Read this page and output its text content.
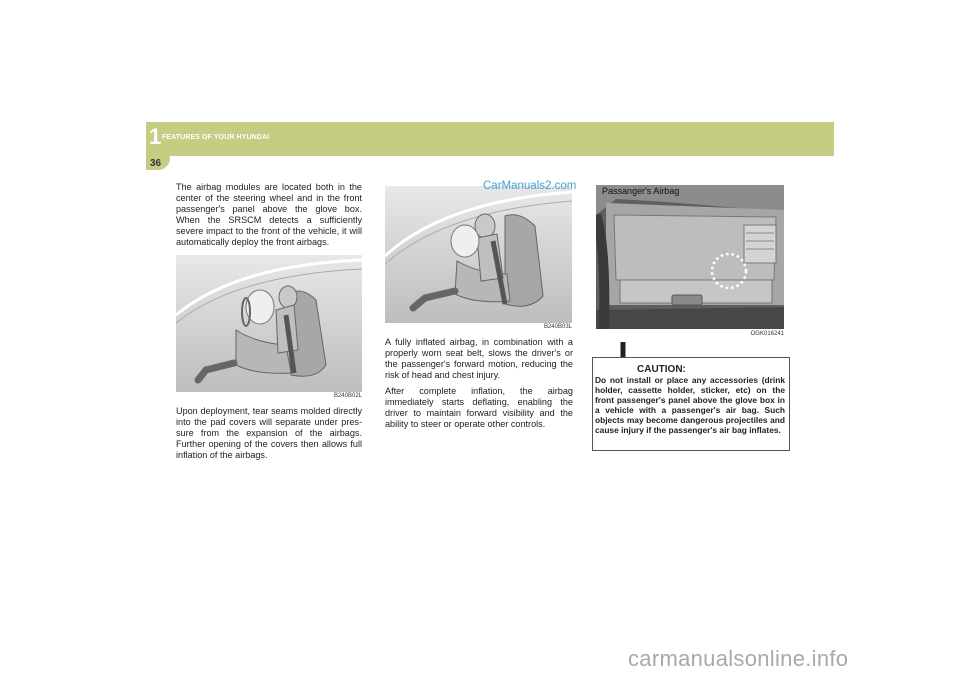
1 FEATURES OF YOUR HYUNDAI
36

The airbag modules are located both in the center of the steering wheel and in the front passenger's panel above the glove box. When the SRSCM detects a sufficiently severe impact to the front of the vehicle, it will automatically deploy the front airbags.

B240B02L

Upon deployment, tear seams molded directly into the pad covers will separate under pres-sure from the expansion of the airbags. Further opening of the covers then allows full inflation of the airbags.

CarManuals2.com
B240B03L

A fully inflated airbag, in combination with a properly worn seat belt, slows the driver's or the passenger's forward motion, reducing the risk of head and chest injury.

After complete inflation, the airbag immediately starts deflating, enabling the driver to maintain forward visibility and the ability to steer or operate other controls.

Passanger's Airbag
OGK016241
CAUTION:
Do not install or place any accessories (drink holder, cassette holder, sticker, etc) on the front passenger's panel above the glove box in a vehicle with a passenger's air bag. Such objects may become dangerous projectiles and cause injury if the passenger's air bag inflates.
carmanualsonline.info
